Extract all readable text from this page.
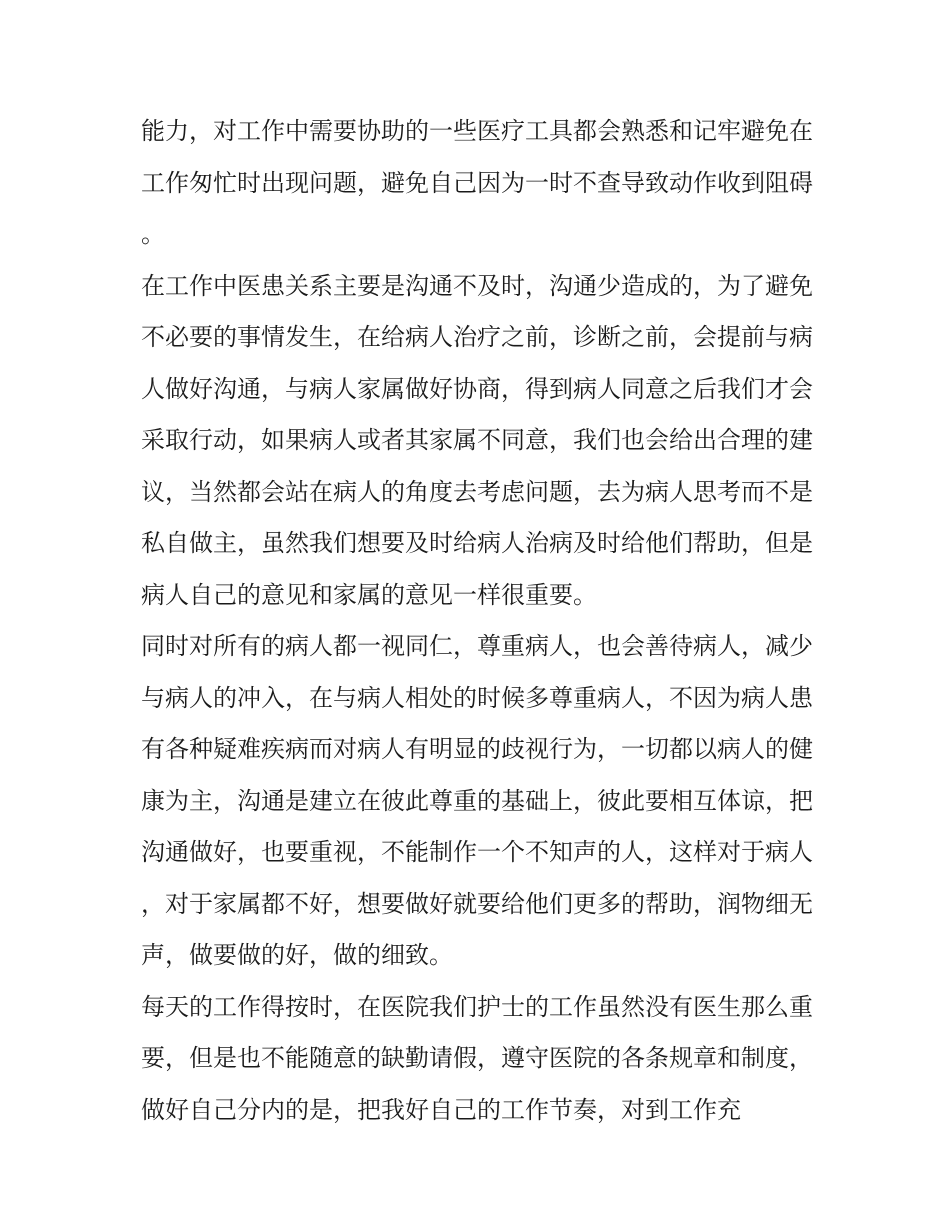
能力，对工作中需要协助的一些医疗工具都会熟悉和记牢避免在工作匆忙时出现问题，避免自己因为一时不查导致动作收到阻碍。

在工作中医患关系主要是沟通不及时，沟通少造成的，为了避免不必要的事情发生，在给病人治疗之前，诊断之前，会提前与病人做好沟通，与病人家属做好协商，得到病人同意之后我们才会采取行动，如果病人或者其家属不同意，我们也会给出合理的建议，当然都会站在病人的角度去考虑问题，去为病人思考而不是私自做主，虽然我们想要及时给病人治病及时给他们帮助，但是病人自己的意见和家属的意见一样很重要。

同时对所有的病人都一视同仁，尊重病人，也会善待病人，减少与病人的冲入，在与病人相处的时候多尊重病人，不因为病人患有各种疑难疾病而对病人有明显的歧视行为，一切都以病人的健康为主，沟通是建立在彼此尊重的基础上，彼此要相互体谅，把沟通做好，也要重视，不能制作一个不知声的人，这样对于病人，对于家属都不好，想要做好就要给他们更多的帮助，润物细无声，做要做的好，做的细致。

每天的工作得按时，在医院我们护士的工作虽然没有医生那么重要，但是也不能随意的缺勤请假，遵守医院的各条规章和制度，做好自己分内的是，把我好自己的工作节奏，对到工作充
